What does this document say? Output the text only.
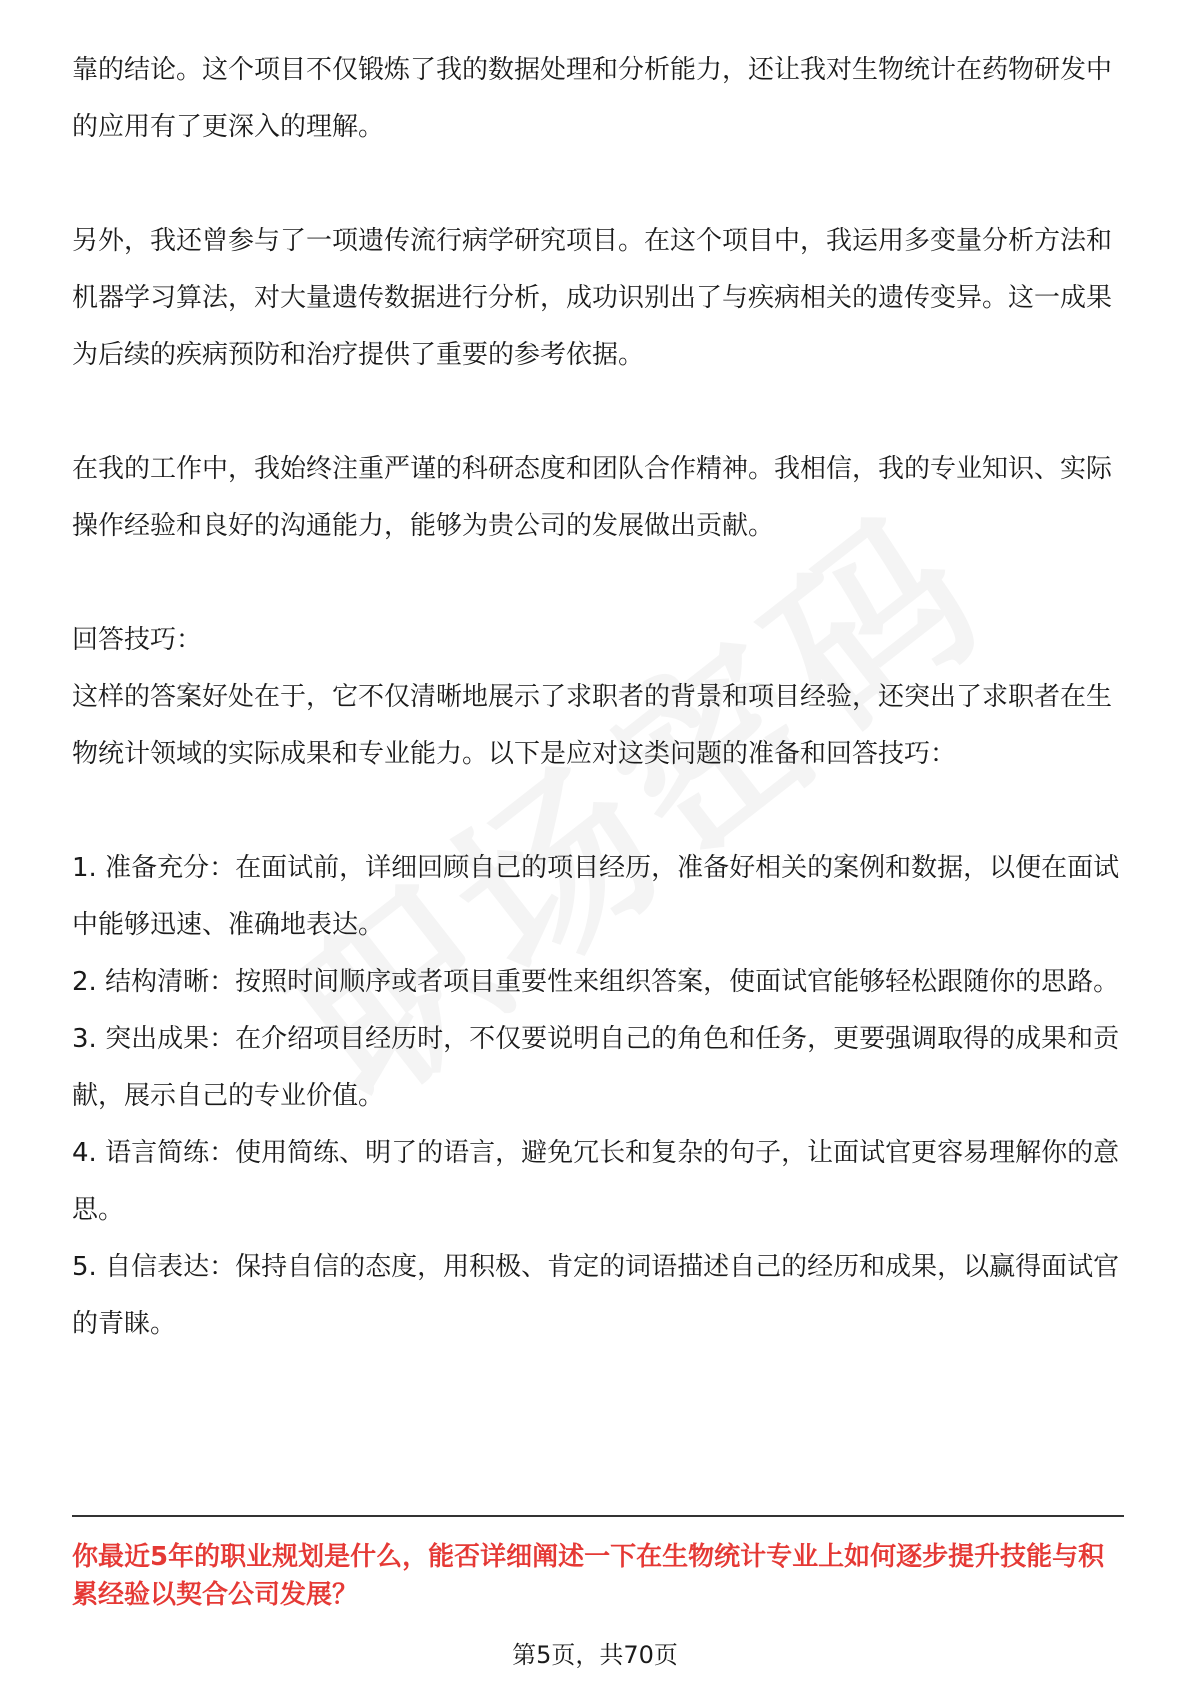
靠的结论。这个项目不仅锻炼了我的数据处理和分析能力，还让我对生物统计在药物研发中的应用有了更深入的理解。

另外，我还曾参与了一项遗传流行病学研究项目。在这个项目中，我运用多变量分析方法和机器学习算法，对大量遗传数据进行分析，成功识别出了与疾病相关的遗传变异。这一成果为后续的疾病预防和治疗提供了重要的参考依据。

在我的工作中，我始终注重严谨的科研态度和团队合作精神。我相信，我的专业知识、实际操作经验和良好的沟通能力，能够为贵公司的发展做出贡献。

回答技巧：

这样的答案好处在于，它不仅清晰地展示了求职者的背景和项目经验，还突出了求职者在生物统计领域的实际成果和专业能力。以下是应对这类问题的准备和回答技巧：

1. 准备充分：在面试前，详细回顾自己的项目经历，准备好相关的案例和数据，以便在面试中能够迅速、准确地表达。

2. 结构清晰：按照时间顺序或者项目重要性来组织答案，使面试官能够轻松跟随你的思路。

3. 突出成果：在介绍项目经历时，不仅要说明自己的角色和任务，更要强调取得的成果和贡献，展示自己的专业价值。

4. 语言简练：使用简练、明了的语言，避免冗长和复杂的句子，让面试官更容易理解你的意思。

5. 自信表达：保持自信的态度，用积极、肯定的词语描述自己的经历和成果，以赢得面试官的青睐。

你最近5年的职业规划是什么，能否详细阐述一下在生物统计专业上如何逐步提升技能与积累经验以契合公司发展？
第5页，共70页
